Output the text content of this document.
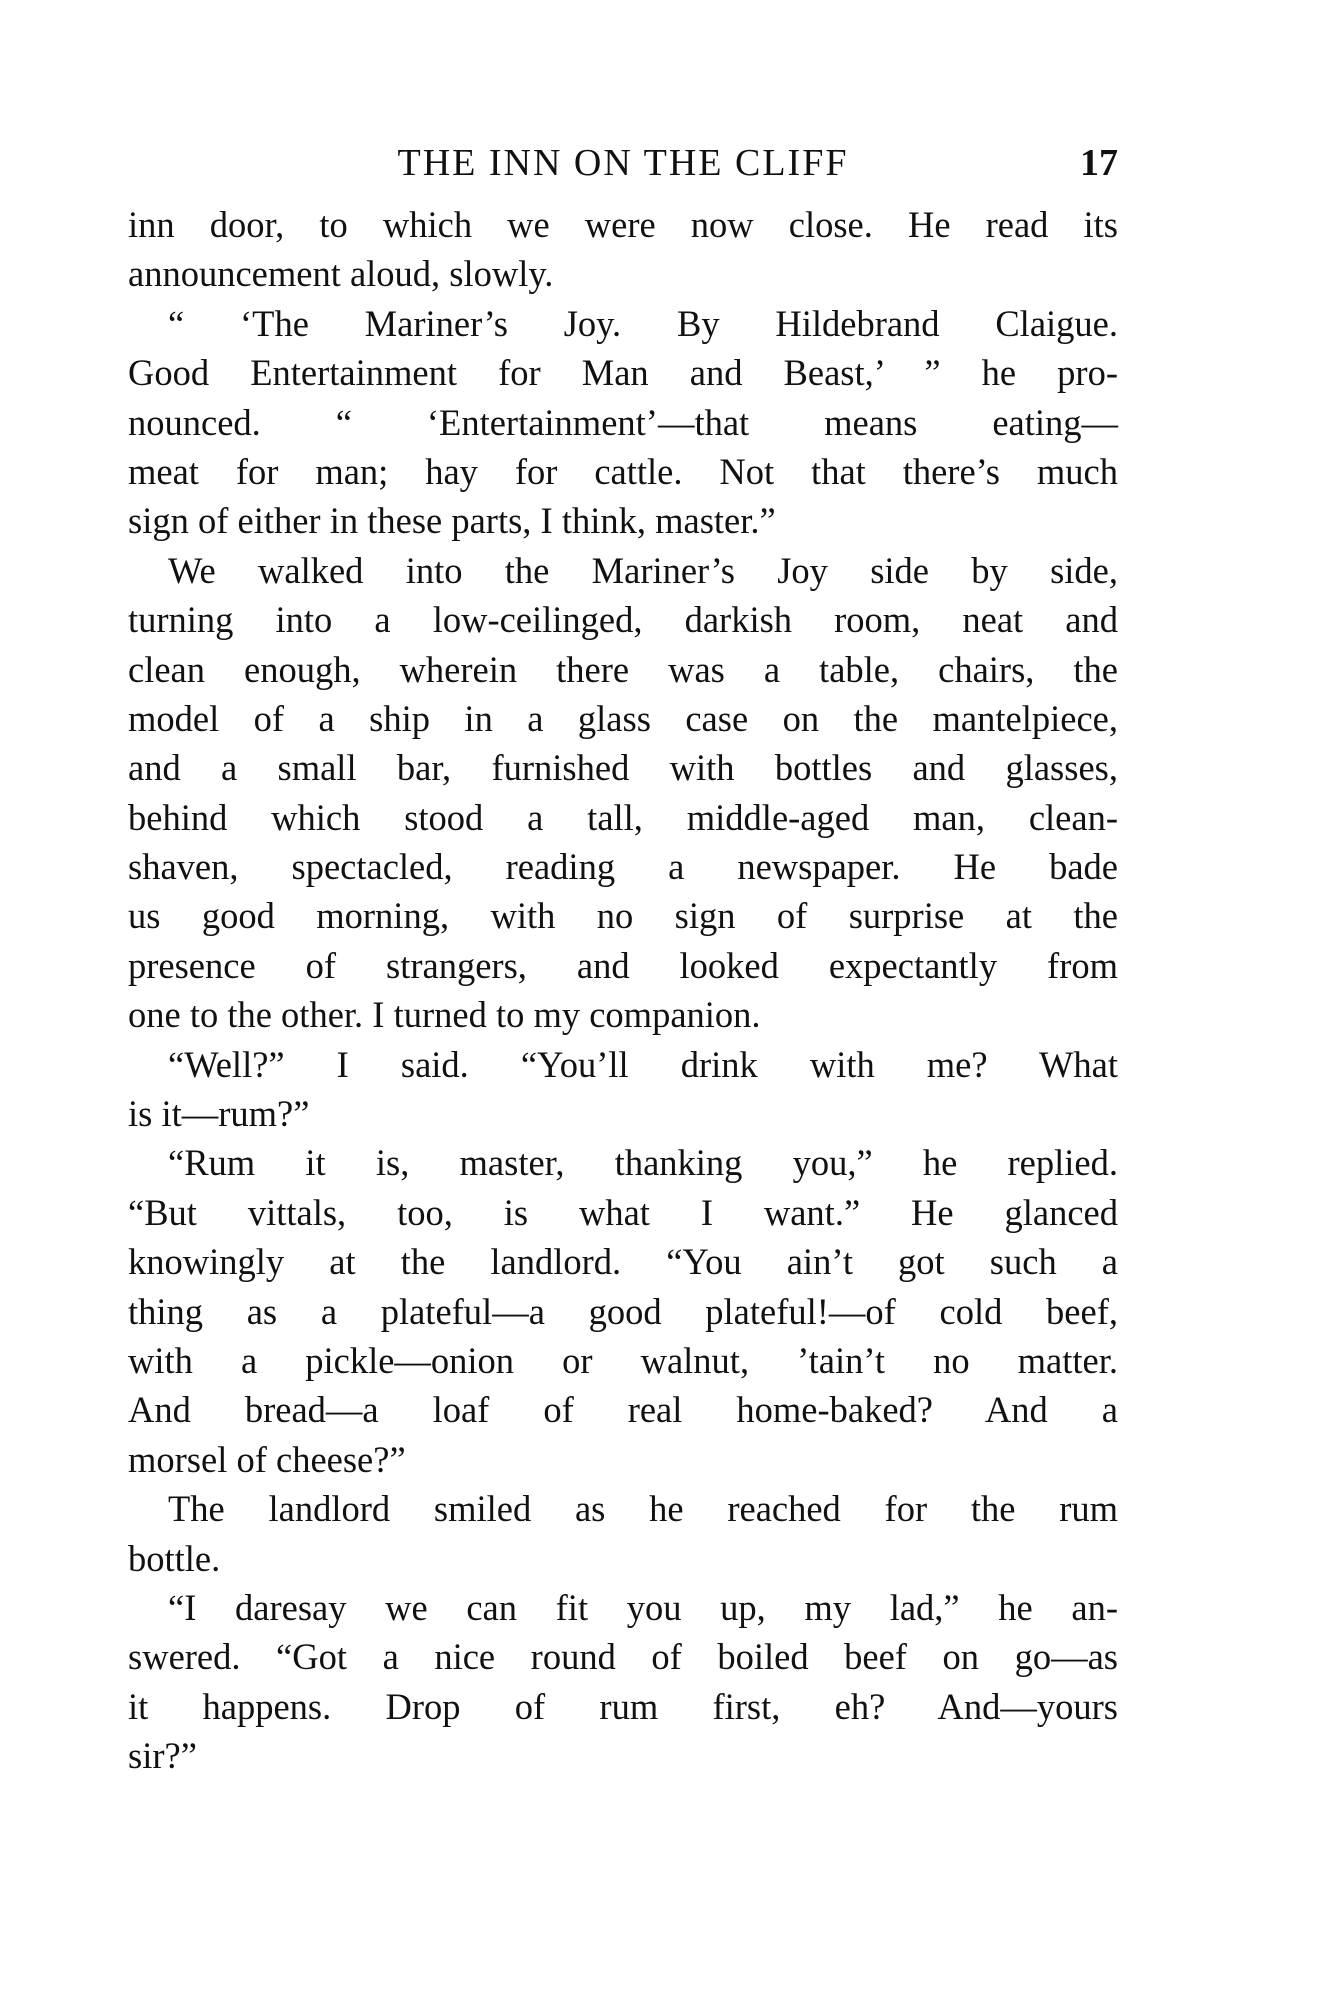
THE INN ON THE CLIFF	17
inn door, to which we were now close. He read its
announcement aloud, slowly.
“ ‘The Mariner’s Joy. By Hildebrand Claigue.
Good Entertainment for Man and Beast,’ ” he pro-
nounced. “ ‘Entertainment’—that means eating—
meat for man; hay for cattle. Not that there’s much
sign of either in these parts, I think, master.”
We walked into the Mariner’s Joy side by side,
turning into a low-ceilinged, darkish room, neat and
clean enough, wherein there was a table, chairs, the
model of a ship in a glass case on the mantelpiece,
and a small bar, furnished with bottles and glasses,
behind which stood a tall, middle-aged man, clean-
shaven, spectacled, reading a newspaper. He bade
us good morning, with no sign of surprise at the
presence of strangers, and looked expectantly from
one to the other. I turned to my companion.
“Well?” I said. “You’ll drink with me? What
is it—rum?”
“Rum it is, master, thanking you,” he replied.
“But vittals, too, is what I want.” He glanced
knowingly at the landlord. “You ain’t got such a
thing as a plateful—a good plateful!—of cold beef,
with a pickle—onion or walnut, ’tain’t no matter.
And bread—a loaf of real home-baked? And a
morsel of cheese?”
The landlord smiled as he reached for the rum
bottle.
“I daresay we can fit you up, my lad,” he an-
swered. “Got a nice round of boiled beef on go—as
it happens. Drop of rum first, eh? And—yours
sir?”
